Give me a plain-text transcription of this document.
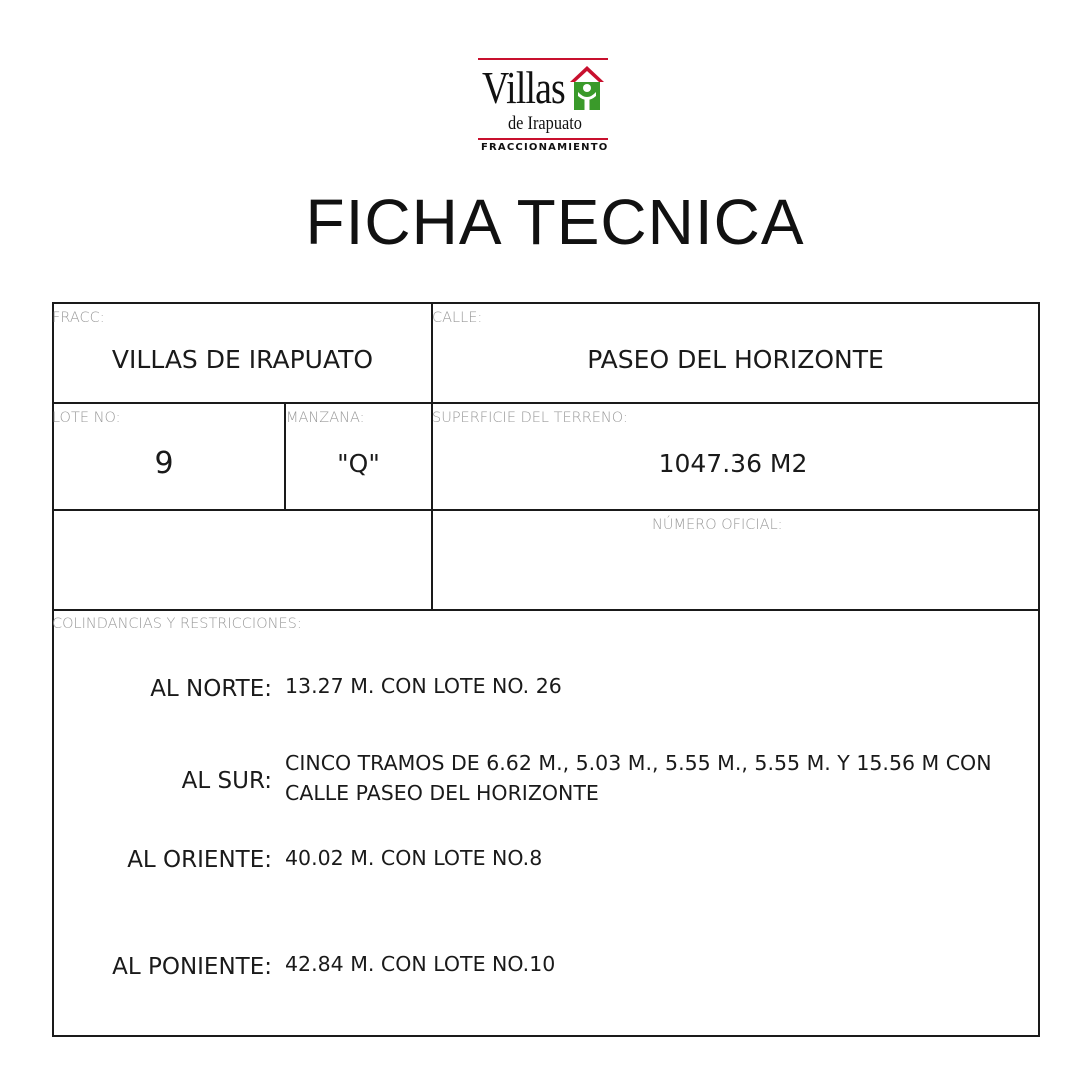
Villas
de Irapuato
FRACCIONAMIENTO
FICHA TECNICA
FRACC:
VILLAS DE IRAPUATO
CALLE:
PASEO DEL HORIZONTE
LOTE NO:
9
MANZANA:
"Q"
SUPERFICIE DEL TERRENO:
1047.36 M2
NÚMERO OFICIAL:
COLINDANCIAS Y RESTRICCIONES:
AL NORTE: 13.27 M. CON LOTE NO. 26
AL SUR:
CINCO TRAMOS DE 6.62 M., 5.03 M., 5.55 M., 5.55 M. Y 15.56 M CON CALLE PASEO DEL HORIZONTE
AL ORIENTE: 40.02 M. CON LOTE NO.8
AL PONIENTE: 42.84 M. CON LOTE NO.10
